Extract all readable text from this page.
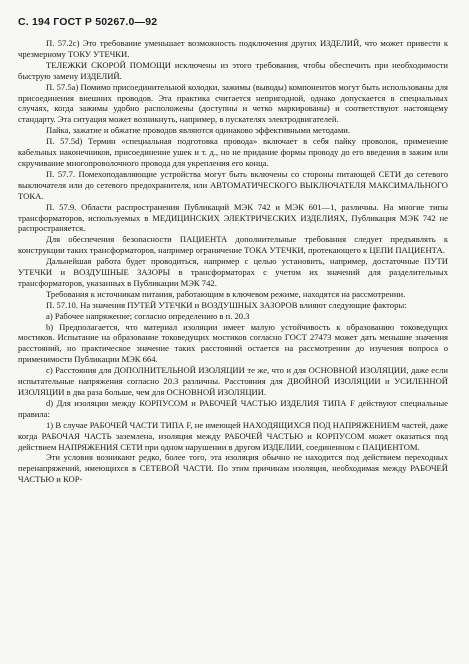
С. 194 ГОСТ Р 50267.0—92

П. 57.2с) Это требование уменьшает возможность подключения других ИЗДЕЛИЙ, что может привести к чрезмерному ТОКУ УТЕЧКИ.

ТЕЛЕЖКИ СКОРОЙ ПОМОЩИ исключены из этого требования, чтобы обеспечить при необходимости быструю замену ИЗДЕЛИЙ.

П. 57.5а) Помимо присоединительной колодки, зажимы (выводы) компонентов могут быть использованы для присоединения внешних проводов. Эта практика считается непригодной, однако допускается в специальных случаях, когда зажимы удобно расположены (доступны и четко маркированы) и соответствуют настоящему стандарту. Эта ситуация может возникнуть, например, в пускателях электродвигателей.

Пайка, зажатие и обжатие проводов являются одинаково эффективными методами.

П. 57.5d) Термин «специальная подготовка провода» включает в себя пайку проволок, применение кабельных наконечников, присоединение ушек и т. д., но не придание формы проводу до его введения в зажим или скручивание многопроволочного провода для укрепления его конца.

П. 57.7. Помехоподавляющие устройства могут быть включены со стороны питающей СЕТИ до сетевого выключателя или до сетевого предохранителя, или АВТОМАТИЧЕСКОГО ВЫКЛЮЧАТЕЛЯ МАКСИМАЛЬНОГО ТОКА.

П. 57.9. Области распространения Публикаций МЭК 742 и МЭК 601—1, различны. На многие типы трансформаторов, используемых в МЕДИЦИНСКИХ ЭЛЕКТРИЧЕСКИХ ИЗДЕЛИЯХ, Публикация МЭК 742 не распространяется.

Для обеспечения безопасности ПАЦИЕНТА дополнительные требования следует предъявлять к конструкции таких трансформаторов, например ограничение ТОКА УТЕЧКИ, протекающего к ЦЕПИ ПАЦИЕНТА.

Дальнейшая работа будет проводиться, например с целью установить, например, достаточные ПУТИ УТЕЧКИ и ВОЗДУШНЫЕ ЗАЗОРЫ в трансформаторах с учетом их значений для разделительных трансформаторов, указанных в Публикации МЭК 742.

Требования к источникам питания, работающим в ключевом режиме, находятся на рассмотрении.

П. 57.10. На значения ПУТЕЙ УТЕЧКИ и ВОЗДУШНЫХ ЗАЗОРОВ влияют следующие факторы:

а) Рабочее напряжение; согласно определению в п. 20.3

b) Предполагается, что материал изоляции имеет малую устойчивость к образованию токоведущих мостиков. Испытание на образование токоведущих мостиков согласно ГОСТ 27473 может дать меньшие значения расстояний, но практическое значение таких расстояний остается на рассмотрении до изучения вопроса о применимости Публикации МЭК 664.

с) Расстояния для ДОПОЛНИТЕЛЬНОЙ ИЗОЛЯЦИИ те же, что и для ОСНОВНОЙ ИЗОЛЯЦИИ, даже если испытательные напряжения согласно 20.3 различны. Расстояния для ДВОЙНОЙ ИЗОЛЯЦИИ и УСИЛЕННОЙ ИЗОЛЯЦИИ в два раза больше, чем для ОСНОВНОЙ ИЗОЛЯЦИИ.

d) Для изоляции между КОРПУСОМ и РАБОЧЕЙ ЧАСТЬЮ ИЗДЕЛИЯ ТИПА F действуют специальные правила:

1) В случае РАБОЧЕЙ ЧАСТИ ТИПА F, не имеющей НАХОДЯЩИХСЯ ПОД НАПРЯЖЕНИЕМ частей, даже когда РАБОЧАЯ ЧАСТЬ заземлена, изоляция между РАБОЧЕЙ ЧАСТЬЮ и КОРПУСОМ может оказаться под действием НАПРЯЖЕНИЯ СЕТИ при одном нарушении в другом ИЗДЕЛИИ, соединенном с ПАЦИЕНТОМ.

Эти условия возникают редко, более того, эта изоляция обычно не находится под действием переходных перенапряжений, имеющихся в СЕТЕВОЙ ЧАСТИ. По этим причинам изоляция, необходимая между РАБОЧЕЙ ЧАСТЬЮ и КОР-
